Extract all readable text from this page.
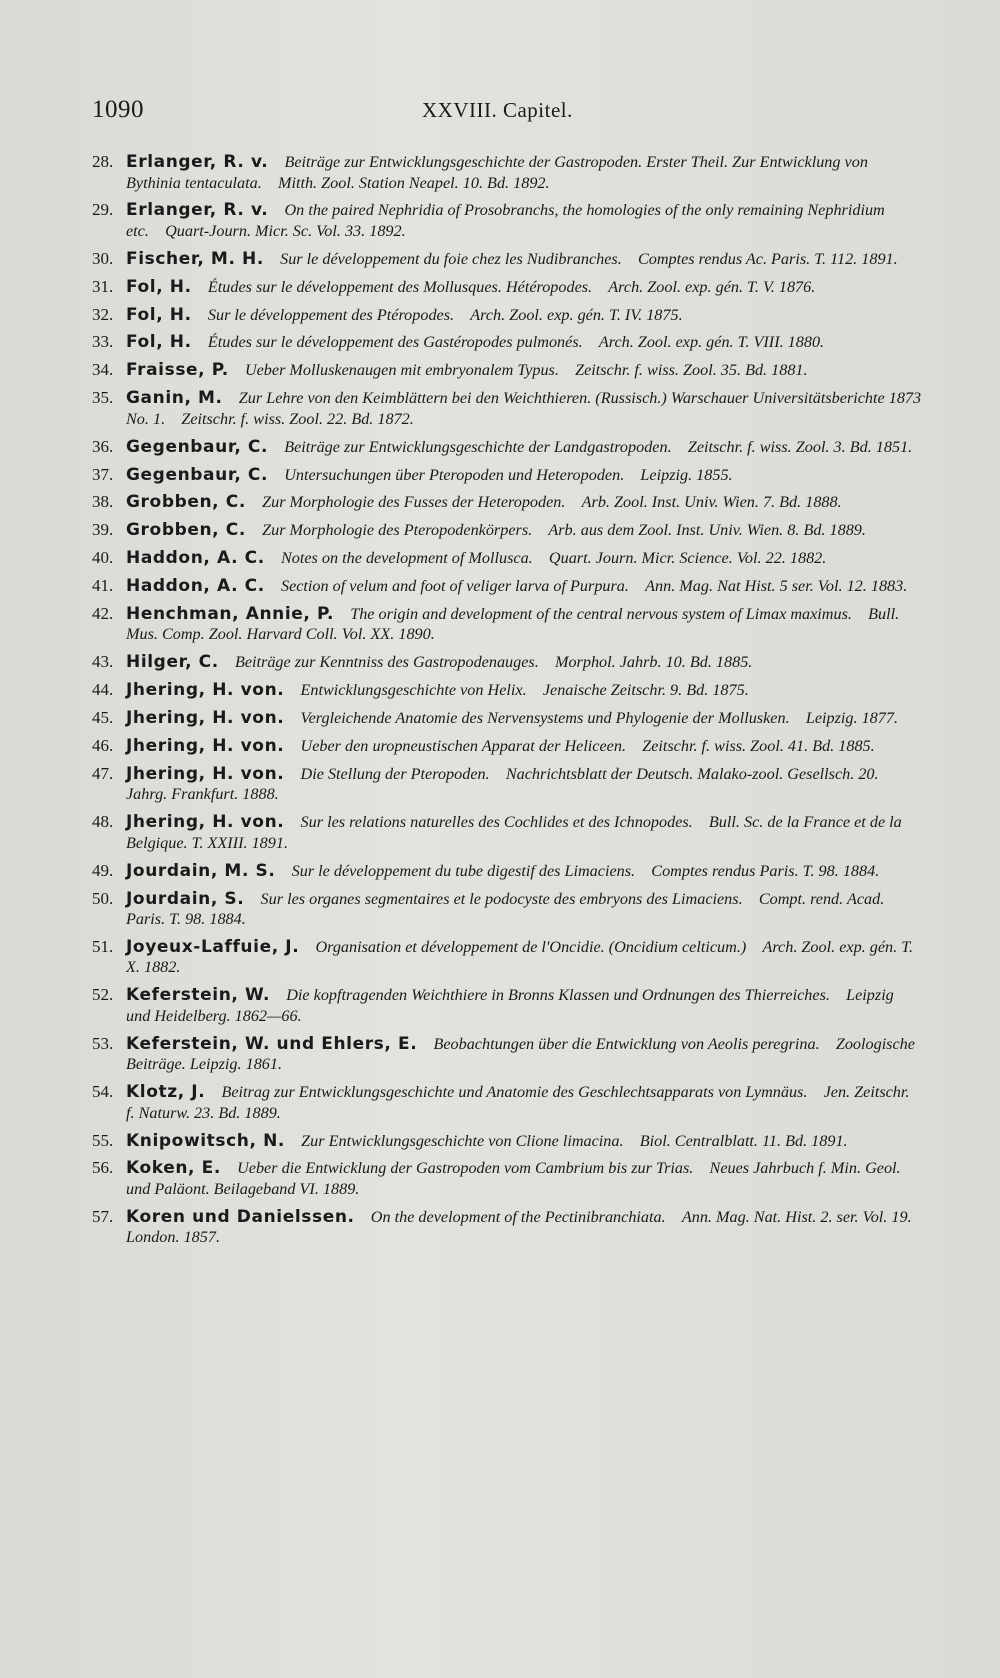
1090	XXVIII. Capitel.
28. Erlanger, R. v.  Beiträge zur Entwicklungsgeschichte der Gastropoden. Erster Theil. Zur Entwicklung von Bythinia tentaculata.  Mitth. Zool. Station Neapel. 10. Bd. 1892.
29. Erlanger, R. v.  On the paired Nephridia of Prosobranchs, the homologies of the only remaining Nephridium etc.  Quart-Journ. Micr. Sc. Vol. 33. 1892.
30. Fischer, M. H.  Sur le développement du foie chez les Nudibranches.  Comptes rendus Ac. Paris. T. 112. 1891.
31. Fol, H.  Études sur le développement des Mollusques. Hétéropodes.  Arch. Zool. exp. gén. T. V. 1876.
32. Fol, H.  Sur le développement des Ptéropodes.  Arch. Zool. exp. gén. T. IV. 1875.
33. Fol, H.  Études sur le développement des Gastéropodes pulmonés.  Arch. Zool. exp. gén. T. VIII. 1880.
34. Fraisse, P.  Ueber Molluskenaugen mit embryonalem Typus.  Zeitschr. f. wiss. Zool. 35. Bd. 1881.
35. Ganin, M.  Zur Lehre von den Keimblättern bei den Weichthieren. (Russisch.) Warschauer Universitätsberichte 1873 No. 1.  Zeitschr. f. wiss. Zool. 22. Bd. 1872.
36. Gegenbaur, C.  Beiträge zur Entwicklungsgeschichte der Landgastropoden.  Zeitschr. f. wiss. Zool. 3. Bd. 1851.
37. Gegenbaur, C.  Untersuchungen über Pteropoden und Heteropoden.  Leipzig. 1855.
38. Grobben, C.  Zur Morphologie des Fusses der Heteropoden.  Arb. Zool. Inst. Univ. Wien. 7. Bd. 1888.
39. Grobben, C.  Zur Morphologie des Pteropodenkörpers.  Arb. aus dem Zool. Inst. Univ. Wien. 8. Bd. 1889.
40. Haddon, A. C.  Notes on the development of Mollusca.  Quart. Journ. Micr. Science. Vol. 22. 1882.
41. Haddon, A. C.  Section of velum and foot of veliger larva of Purpura.  Ann. Mag. Nat Hist. 5 ser. Vol. 12. 1883.
42. Henchman, Annie, P.  The origin and development of the central nervous system of Limax maximus.  Bull. Mus. Comp. Zool. Harvard Coll. Vol. XX. 1890.
43. Hilger, C.  Beiträge zur Kenntniss des Gastropodenauges.  Morphol. Jahrb. 10. Bd. 1885.
44. Jhering, H. von.  Entwicklungsgeschichte von Helix.  Jenaische Zeitschr. 9. Bd. 1875.
45. Jhering, H. von.  Vergleichende Anatomie des Nervensystems und Phylogenie der Mollusken.  Leipzig. 1877.
46. Jhering, H. von.  Ueber den uropneustischen Apparat der Heliceen.  Zeitschr. f. wiss. Zool. 41. Bd. 1885.
47. Jhering, H. von.  Die Stellung der Pteropoden.  Nachrichtsblatt der Deutsch. Malako-zool. Gesellsch. 20. Jahrg. Frankfurt. 1888.
48. Jhering, H. von.  Sur les relations naturelles des Cochlides et des Ichnopodes.  Bull. Sc. de la France et de la Belgique. T. XXIII. 1891.
49. Jourdain, M. S.  Sur le développement du tube digestif des Limaciens.  Comptes rendus Paris. T. 98. 1884.
50. Jourdain, S.  Sur les organes segmentaires et le podocyste des embryons des Limaciens.  Compt. rend. Acad. Paris. T. 98. 1884.
51. Joyeux-Laffuie, J.  Organisation et développement de l'Oncidie. (Oncidium celticum.)  Arch. Zool. exp. gén. T. X. 1882.
52. Keferstein, W.  Die kopftragenden Weichthiere in Bronns Klassen und Ordnungen des Thierreiches.  Leipzig und Heidelberg. 1862—66.
53. Keferstein, W. und Ehlers, E.  Beobachtungen über die Entwicklung von Aeolis peregrina.  Zoologische Beiträge. Leipzig. 1861.
54. Klotz, J.  Beitrag zur Entwicklungsgeschichte und Anatomie des Geschlechtsapparats von Lymnäus.  Jen. Zeitschr. f. Naturw. 23. Bd. 1889.
55. Knipowitsch, N.  Zur Entwicklungsgeschichte von Clione limacina.  Biol. Centralblatt. 11. Bd. 1891.
56. Koken, E.  Ueber die Entwicklung der Gastropoden vom Cambrium bis zur Trias.  Neues Jahrbuch f. Min. Geol. und Paläont. Beilageband VI. 1889.
57. Koren und Danielssen.  On the development of the Pectinibranchiata.  Ann. Mag. Nat. Hist. 2. ser. Vol. 19. London. 1857.
